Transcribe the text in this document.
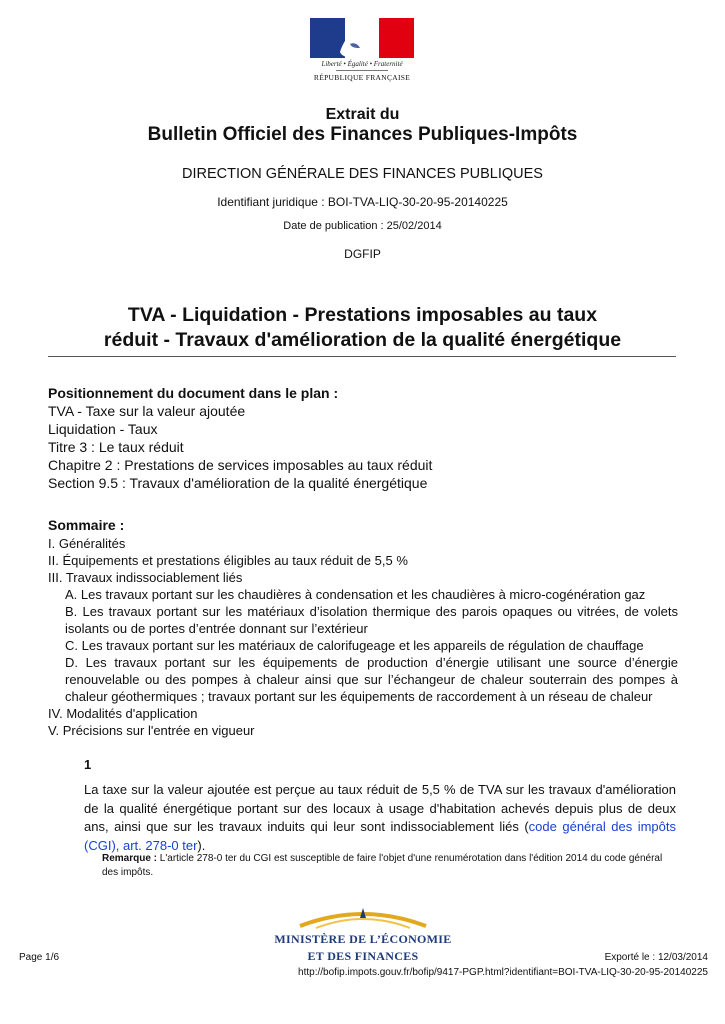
Liberté • Égalité • Fraternité
RÉPUBLIQUE FRANÇAISE
Extrait du
Bulletin Officiel des Finances Publiques-Impôts
DIRECTION GÉNÉRALE DES FINANCES PUBLIQUES
Identifiant juridique : BOI-TVA-LIQ-30-20-95-20140225
Date de publication : 25/02/2014
DGFIP
TVA - Liquidation - Prestations imposables au taux
réduit - Travaux d'amélioration de la qualité énergétique
Positionnement du document dans le plan :
TVA - Taxe sur la valeur ajoutée
Liquidation - Taux
Titre 3 : Le taux réduit
Chapitre 2 : Prestations de services imposables au taux réduit
Section 9.5 : Travaux d'amélioration de la qualité énergétique
Sommaire :
I. Généralités
II. Équipements et prestations éligibles au taux réduit de 5,5 %
III. Travaux indissociablement liés
A. Les travaux portant sur les chaudières à condensation et les chaudières à micro-cogénération gaz
B. Les travaux portant sur les matériaux d’isolation thermique des parois opaques ou vitrées, de volets isolants ou de portes d’entrée donnant sur l’extérieur
C. Les travaux portant sur les matériaux de calorifugeage et les appareils de régulation de chauffage
D. Les travaux portant sur les équipements de production d’énergie utilisant une source d’énergie renouvelable ou des pompes à chaleur ainsi que sur l’échangeur de chaleur souterrain des pompes à chaleur géothermiques ; travaux portant sur les équipements de raccordement à un réseau de chaleur
IV. Modalités d'application
V. Précisions sur l'entrée en vigueur
1
La taxe sur la valeur ajoutée est perçue au taux réduit de 5,5 % de TVA sur les travaux d'amélioration de la qualité énergétique portant sur des locaux à usage d'habitation achevés depuis plus de deux ans, ainsi que sur les travaux induits qui leur sont indissociablement liés (code général des impôts (CGI), art. 278-0 ter).
Remarque : L'article 278-0 ter du CGI est susceptible de faire l'objet d'une renumérotation dans l'édition 2014 du code général des impôts.
MINISTÈRE DE L’ÉCONOMIE
ET DES FINANCES
Page 1/6	Exporté le : 12/03/2014
http://bofip.impots.gouv.fr/bofip/9417-PGP.html?identifiant=BOI-TVA-LIQ-30-20-95-20140225
